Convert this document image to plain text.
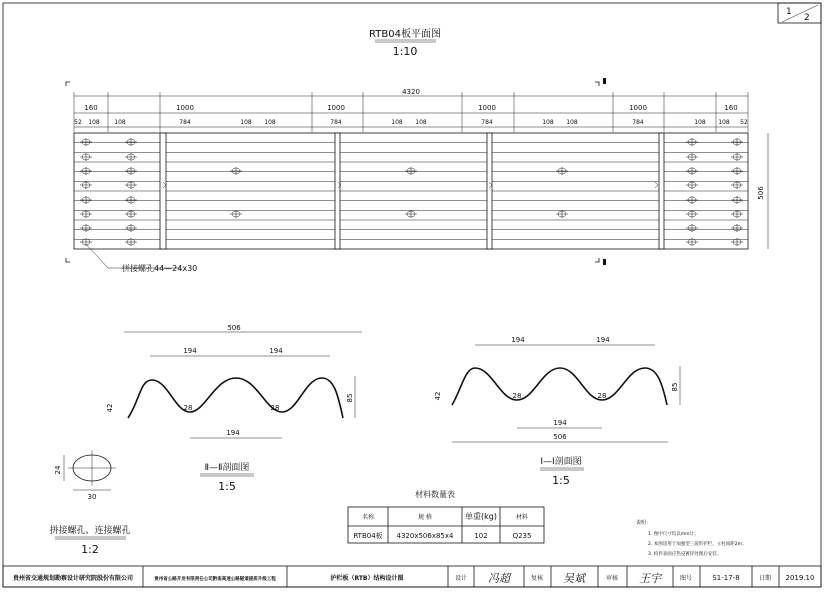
1
2
RTB04板平面图
1:10
4320
160	1000	1000	1000	1000	160
52 108 108	784	108 108	784	108 108	784	108 108	784	108 108 52
506
拼接螺孔44—24x30
506
194	194
85
42	28	28
194
Ⅱ—Ⅱ剖面图
1:5
194	194
85
42	28	28
194
506
Ⅰ—Ⅰ剖面图
1:5
30
24
拼接螺孔、连接螺孔
1:2
材料数量表
名称	规 格	单重(kg)	材料
RTB04板 4320x506x85x4	102	Q235
说明：
1. 图中尺寸均以mm计；
2. 本图适用于加强型三波形护栏，立柱间距2m；
3. 构件表面应热浸镀锌处理后安装。
贵州省交通规划勘察设计研究院股份有限公司	贵州省公路开发有限责任公司黔南高速公路隧道提质升级工程	护栏板（RTB）结构设计图	设计 冯超	复核 吴斌	审核 王宇	图号	S1-17-8	日期 2019.10
